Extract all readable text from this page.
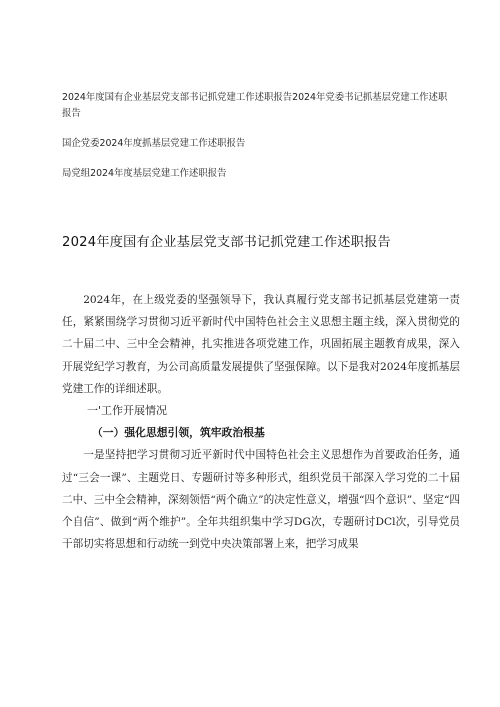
2024年度国有企业基层党支部书记抓党建工作述职报告2024年党委书记抓基层党建工作述职报告
国企党委2024年度抓基层党建工作述职报告
局党组2024年度基层党建工作述职报告
2024年度国有企业基层党支部书记抓党建工作述职报告

2024年，在上级党委的坚强领导下，我认真履行党支部书记抓基层党建第一责任，紧紧围绕学习贯彻习近平新时代中国特色社会主义思想主题主线，深入贯彻党的二十届二中、三中全会精神，扎实推进各项党建工作，巩固拓展主题教育成果，深入开展党纪学习教育，为公司高质量发展提供了坚强保障。以下是我对2024年度抓基层党建工作的详细述职。

一'工作开展情况

（一）强化思想引领，筑牢政治根基

一是坚持把学习贯彻习近平新时代中国特色社会主义思想作为首要政治任务，通过“三会一课”、主题党日、专题研讨等多种形式，组织党员干部深入学习党的二十届二中、三中全会精神，深刻领悟“两个确立”的决定性意义，增强“四个意识”、坚定“四个自信”、做到“两个维护”。全年共组织集中学习DG次，专题研讨DCl次，引导党员干部切实将思想和行动统一到党中央决策部署上来，把学习成果
